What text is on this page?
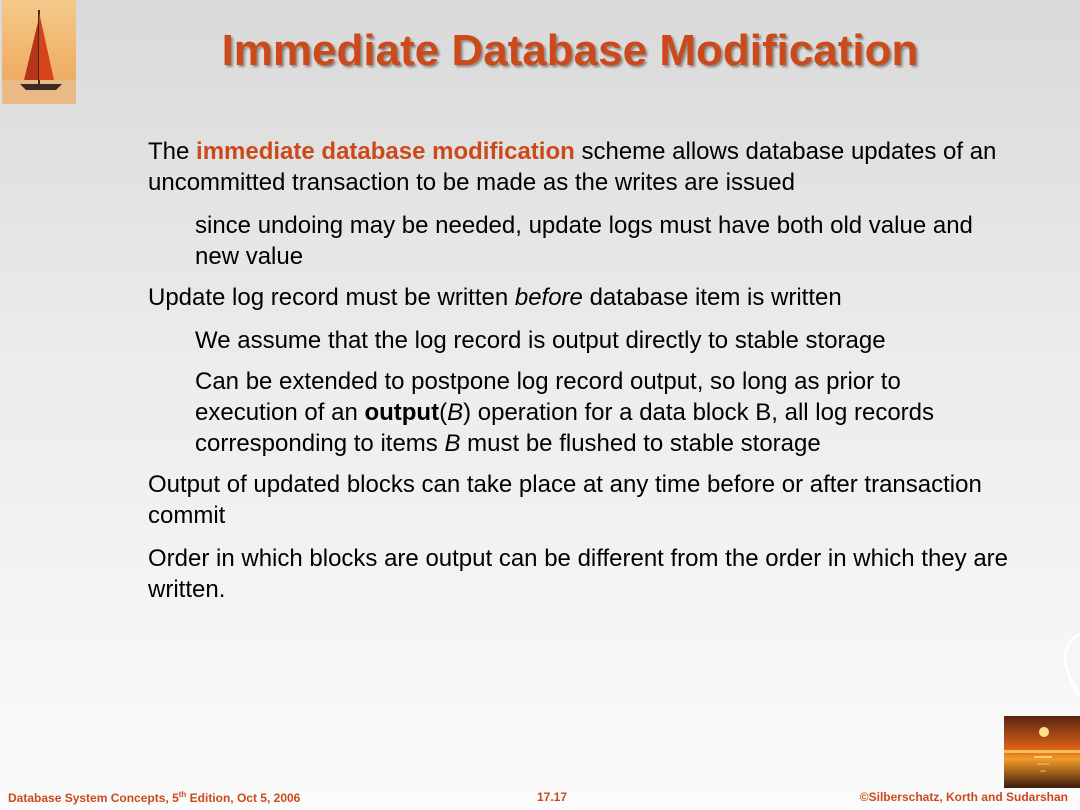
Immediate Database Modification

The immediate database modification scheme allows database updates of an uncommitted transaction to be made as the writes are issued

since undoing may be needed, update logs must have both old value and new value

Update log record must be written before database item is written

We assume that the log record is output directly to stable storage

Can be extended to postpone log record output, so long as prior to execution of an output(B) operation for a data block B, all log records corresponding to items B must be flushed to stable storage

Output of updated blocks can take place at any time before or after transaction commit

Order in which blocks are output can be different from the order in which they are written.

Database System Concepts, 5th Edition, Oct 5, 2006	17.17	©Silberschatz, Korth and Sudarshan
